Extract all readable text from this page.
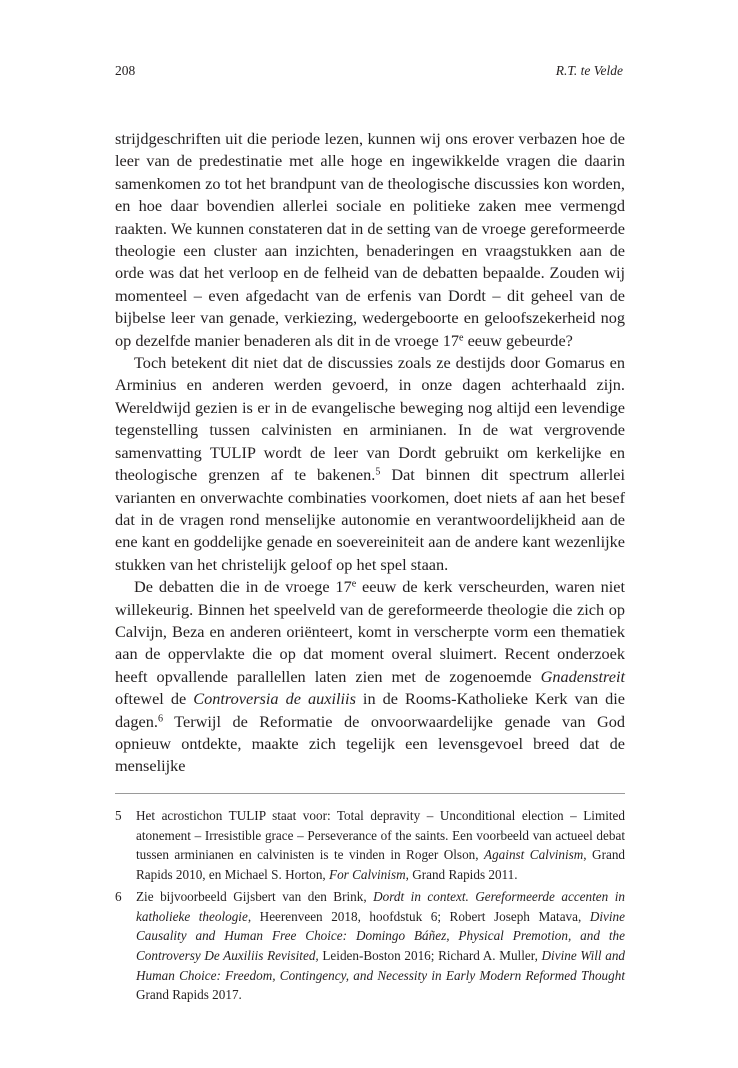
208	R.T. te Velde

strijdgeschriften uit die periode lezen, kunnen wij ons erover verbazen hoe de leer van de predestinatie met alle hoge en ingewikkelde vragen die daarin samenkomen zo tot het brandpunt van de theologische discussies kon worden, en hoe daar bovendien allerlei sociale en politieke zaken mee vermengd raakten. We kunnen constateren dat in de setting van de vroege gereformeerde theologie een cluster aan inzichten, benaderingen en vraagstukken aan de orde was dat het verloop en de felheid van de debatten bepaalde. Zouden wij momenteel – even afgedacht van de erfenis van Dordt – dit geheel van de bijbelse leer van genade, verkiezing, wedergeboorte en geloofszekerheid nog op dezelfde manier benaderen als dit in de vroege 17e eeuw gebeurde?

Toch betekent dit niet dat de discussies zoals ze destijds door Gomarus en Arminius en anderen werden gevoerd, in onze dagen achterhaald zijn. Wereldwijd gezien is er in de evangelische beweging nog altijd een levendige tegenstelling tussen calvinisten en arminianen. In de wat vergrovende samenvatting TULIP wordt de leer van Dordt gebruikt om kerkelijke en theologische grenzen af te bakenen.$^5$ Dat binnen dit spectrum allerlei varianten en onverwachte combinaties voorkomen, doet niets af aan het besef dat in de vragen rond menselijke autonomie en verantwoordelijkheid aan de ene kant en goddelijke genade en soevereiniteit aan de andere kant wezenlijke stukken van het christelijk geloof op het spel staan.

De debatten die in de vroege 17e eeuw de kerk verscheurden, waren niet willekeurig. Binnen het speelveld van de gereformeerde theologie die zich op Calvijn, Beza en anderen oriënteert, komt in verscherpte vorm een thematiek aan de oppervlakte die op dat moment overal sluimert. Recent onderzoek heeft opvallende parallellen laten zien met de zogenoemde Gnadenstreit oftewel de Controversia de auxiliis in de Rooms-Katholieke Kerk van die dagen.$^6$ Terwijl de Reformatie de onvoorwaardelijke genade van God opnieuw ontdekte, maakte zich tegelijk een levensgevoel breed dat de menselijke

5	Het acrostichon TULIP staat voor: Total depravity – Unconditional election – Limited atonement – Irresistible grace – Perseverance of the saints. Een voorbeeld van actueel debat tussen arminianen en calvinisten is te vinden in Roger Olson, Against Calvinism, Grand Rapids 2010, en Michael S. Horton, For Calvinism, Grand Rapids 2011.
6	Zie bijvoorbeeld Gijsbert van den Brink, Dordt in context. Gereformeerde accenten in katholieke theologie, Heerenveen 2018, hoofdstuk 6; Robert Joseph Matava, Divine Causality and Human Free Choice: Domingo Báñez, Physical Premotion, and the Controversy De Auxiliis Revisited, Leiden-Boston 2016; Richard A. Muller, Divine Will and Human Choice: Freedom, Contingency, and Necessity in Early Modern Reformed Thought Grand Rapids 2017.
